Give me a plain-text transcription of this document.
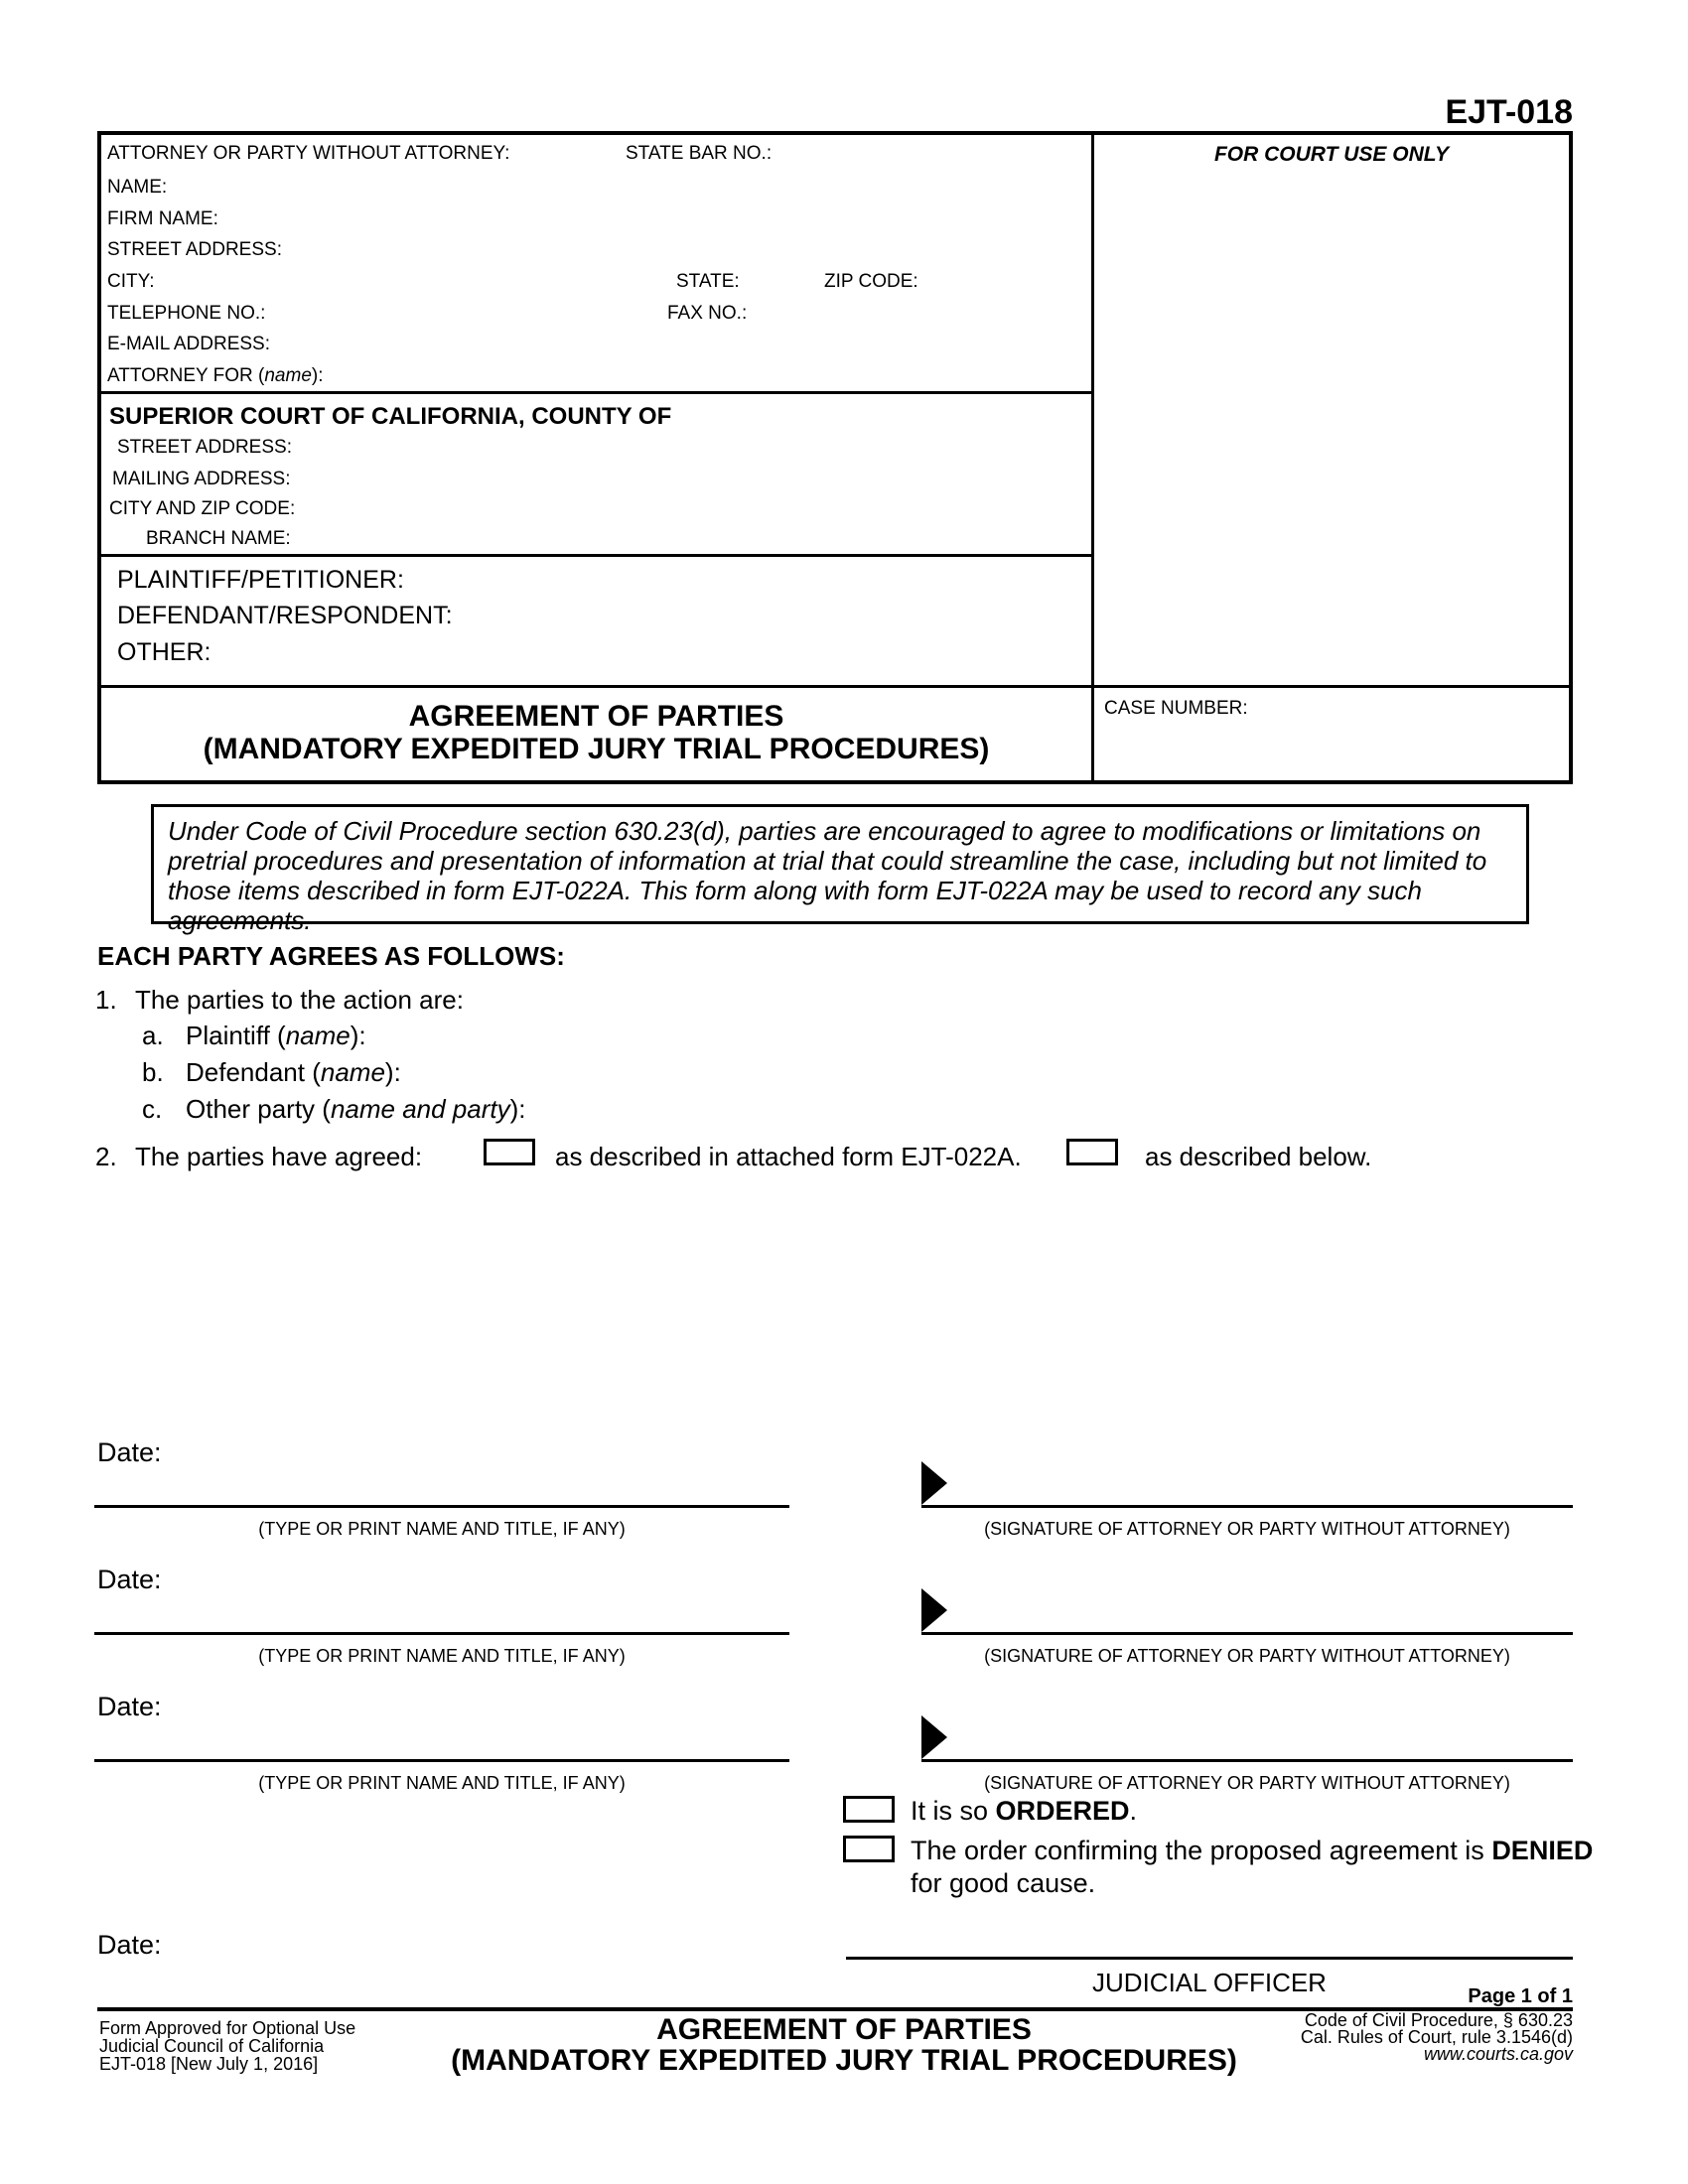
EJT-018
ATTORNEY OR PARTY WITHOUT ATTORNEY:	STATE BAR NO.:
NAME:
FIRM NAME:
STREET ADDRESS:
CITY:	STATE:	ZIP CODE:
TELEPHONE NO.:	FAX NO.:
E-MAIL ADDRESS:
ATTORNEY FOR (name):
SUPERIOR COURT OF CALIFORNIA, COUNTY OF
STREET ADDRESS:
MAILING ADDRESS:
CITY AND ZIP CODE:
BRANCH NAME:
PLAINTIFF/PETITIONER:
DEFENDANT/RESPONDENT:
OTHER:
AGREEMENT OF PARTIES
(MANDATORY EXPEDITED JURY TRIAL PROCEDURES)
FOR COURT USE ONLY
CASE NUMBER:
Under Code of Civil Procedure section 630.23(d), parties are encouraged to agree to modifications or limitations on pretrial procedures and presentation of information at trial that could streamline the case, including but not limited to those items described in form EJT-022A. This form along with form EJT-022A may be used to record any such agreements.
EACH PARTY AGREES AS FOLLOWS:
1. The parties to the action are:
a. Plaintiff (name):
b. Defendant (name):
c. Other party (name and party):
2. The parties have agreed:	as described in attached form EJT-022A.	as described below.
Date:
(TYPE OR PRINT NAME AND TITLE, IF ANY)	(SIGNATURE OF ATTORNEY OR PARTY WITHOUT ATTORNEY)
Date:
(TYPE OR PRINT NAME AND TITLE, IF ANY)	(SIGNATURE OF ATTORNEY OR PARTY WITHOUT ATTORNEY)
Date:
(TYPE OR PRINT NAME AND TITLE, IF ANY)	(SIGNATURE OF ATTORNEY OR PARTY WITHOUT ATTORNEY)
It is so ORDERED.
The order confirming the proposed agreement is DENIED
for good cause.
Date:
JUDICIAL OFFICER	Page 1 of 1
Form Approved for Optional Use
Judicial Council of California
EJT-018 [New July 1, 2016]
AGREEMENT OF PARTIES
(MANDATORY EXPEDITED JURY TRIAL PROCEDURES)
Code of Civil Procedure, § 630.23
Cal. Rules of Court, rule 3.1546(d)
www.courts.ca.gov
